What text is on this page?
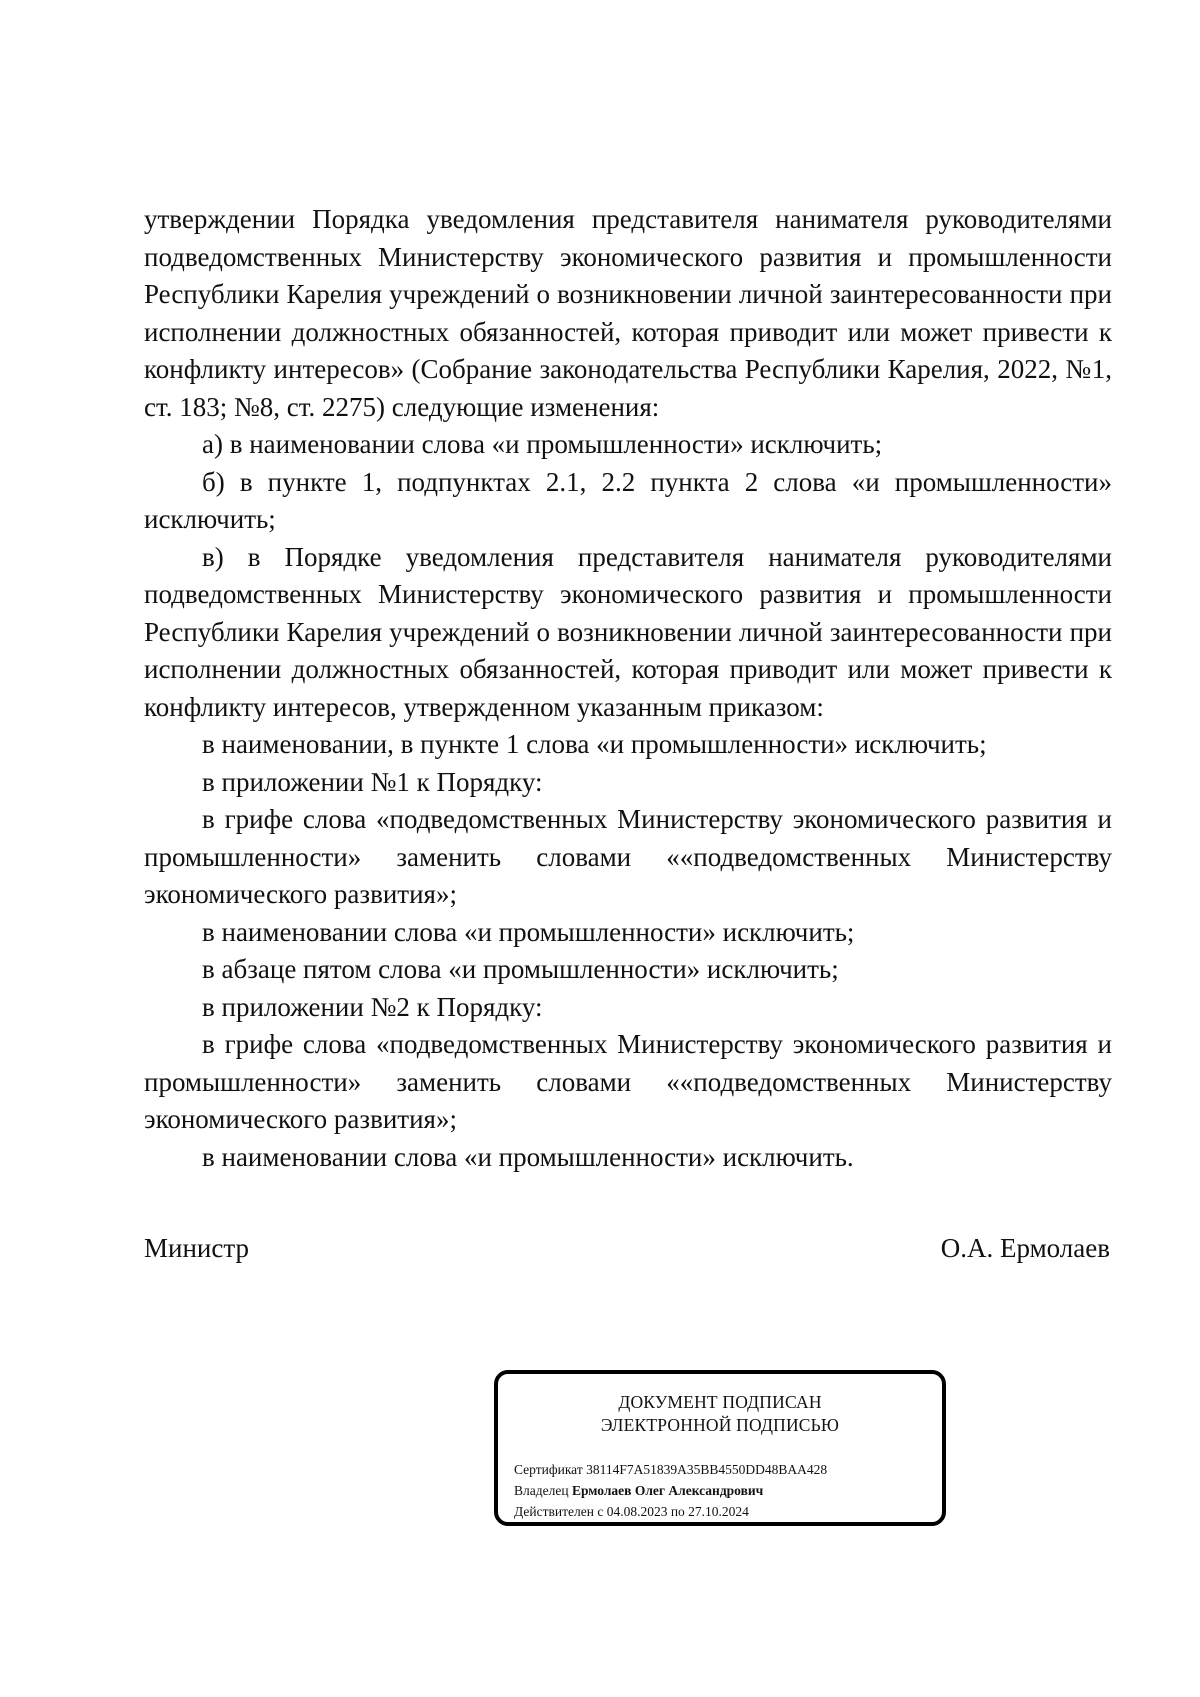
утверждении Порядка уведомления представителя нанимателя руководителями подведомственных Министерству экономического развития и промышленности Республики Карелия учреждений о возникновении личной заинтересованности при исполнении должностных обязанностей, которая приводит или может привести к конфликту интересов» (Собрание законодательства Республики Карелия, 2022, №1, ст. 183; №8, ст. 2275) следующие изменения:

а) в наименовании слова «и промышленности» исключить;

б) в пункте 1, подпунктах 2.1, 2.2 пункта 2 слова «и промышленности» исключить;

в) в Порядке уведомления представителя нанимателя руководителями подведомственных Министерству экономического развития и промышленности Республики Карелия учреждений о возникновении личной заинтересованности при исполнении должностных обязанностей, которая приводит или может привести к конфликту интересов, утвержденном указанным приказом:

в наименовании, в пункте 1 слова «и промышленности» исключить;

в приложении №1 к Порядку:

в грифе слова «подведомственных Министерству экономического развития и промышленности» заменить словами ««подведомственных Министерству экономического развития»;

в наименовании слова «и промышленности» исключить;

в абзаце пятом слова «и промышленности» исключить;

в приложении №2 к Порядку:

в грифе слова «подведомственных Министерству экономического развития и промышленности» заменить словами ««подведомственных Министерству экономического развития»;

в наименовании слова «и промышленности» исключить.

Министр	О.А. Ермолаев
ДОКУМЕНТ ПОДПИСАН
ЭЛЕКТРОННОЙ ПОДПИСЬЮ
Сертификат 38114F7A51839A35BB4550DD48BAA428
Владелец Ермолаев Олег Александрович
Действителен с 04.08.2023 по 27.10.2024
